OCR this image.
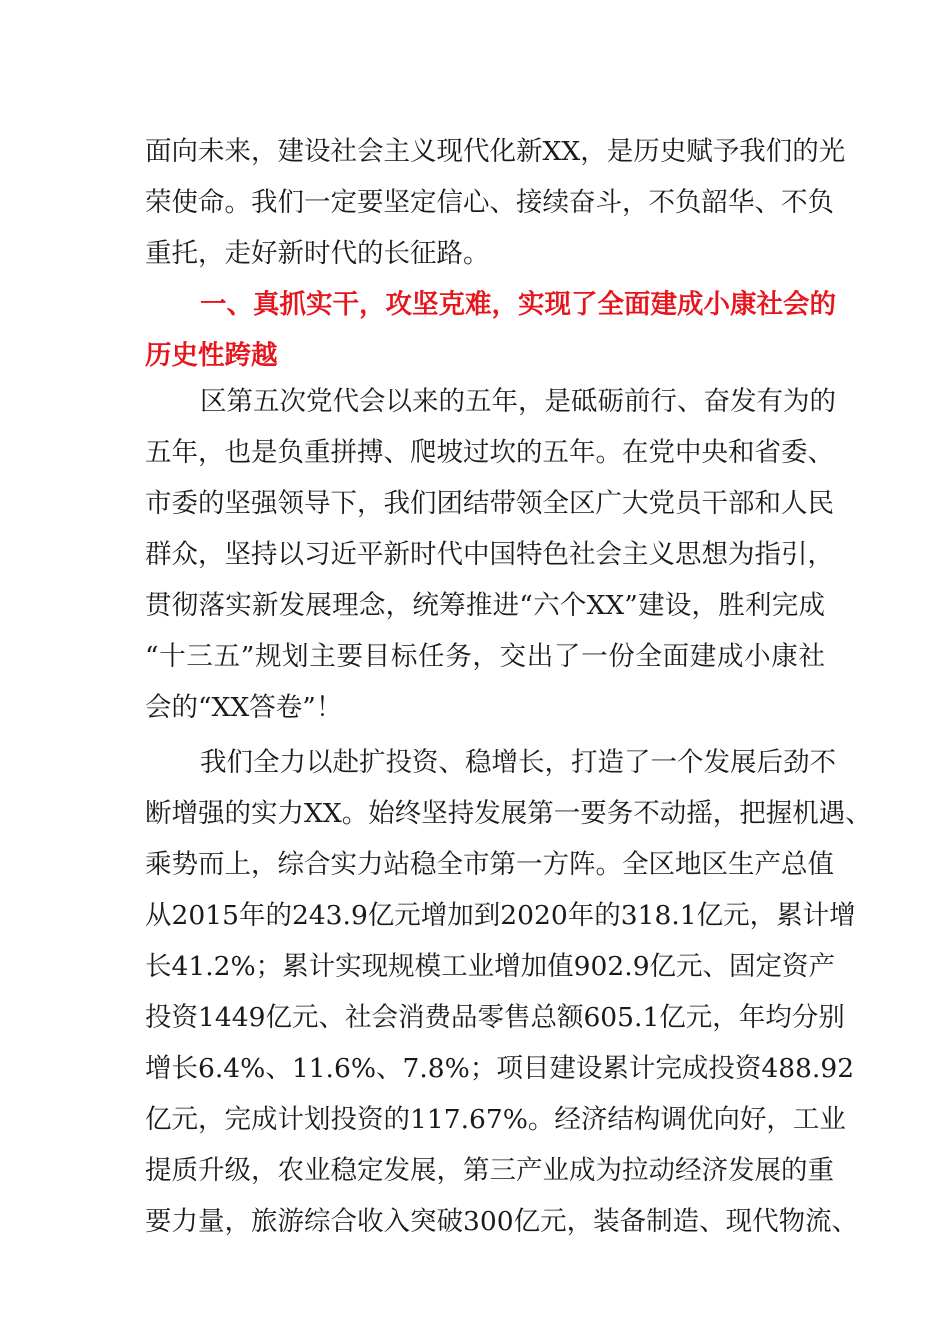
面向未来，建设社会主义现代化新XX，是历史赋予我们的光
荣使命。我们一定要坚定信心、接续奋斗，不负韶华、不负
重托，走好新时代的长征路。
一、真抓实干，攻坚克难，实现了全面建成小康社会的
历史性跨越
区第五次党代会以来的五年，是砥砺前行、奋发有为的
五年，也是负重拼搏、爬坡过坎的五年。在党中央和省委、
市委的坚强领导下，我们团结带领全区广大党员干部和人民
群众，坚持以习近平新时代中国特色社会主义思想为指引，
贯彻落实新发展理念，统筹推进“六个XX”建设，胜利完成
“十三五”规划主要目标任务，交出了一份全面建成小康社
会的“XX答卷”！
我们全力以赴扩投资、稳增长，打造了一个发展后劲不
断增强的实力XX。始终坚持发展第一要务不动摇，把握机遇、
乘势而上，综合实力站稳全市第一方阵。全区地区生产总值
从2015年的243.9亿元增加到2020年的318.1亿元，累计增
长41.2%；累计实现规模工业增加值902.9亿元、固定资产
投资1449亿元、社会消费品零售总额605.1亿元，年均分别
增长6.4%、11.6%、7.8%；项目建设累计完成投资488.92
亿元，完成计划投资的117.67%。经济结构调优向好，工业
提质升级，农业稳定发展，第三产业成为拉动经济发展的重
要力量，旅游综合收入突破300亿元，装备制造、现代物流、
